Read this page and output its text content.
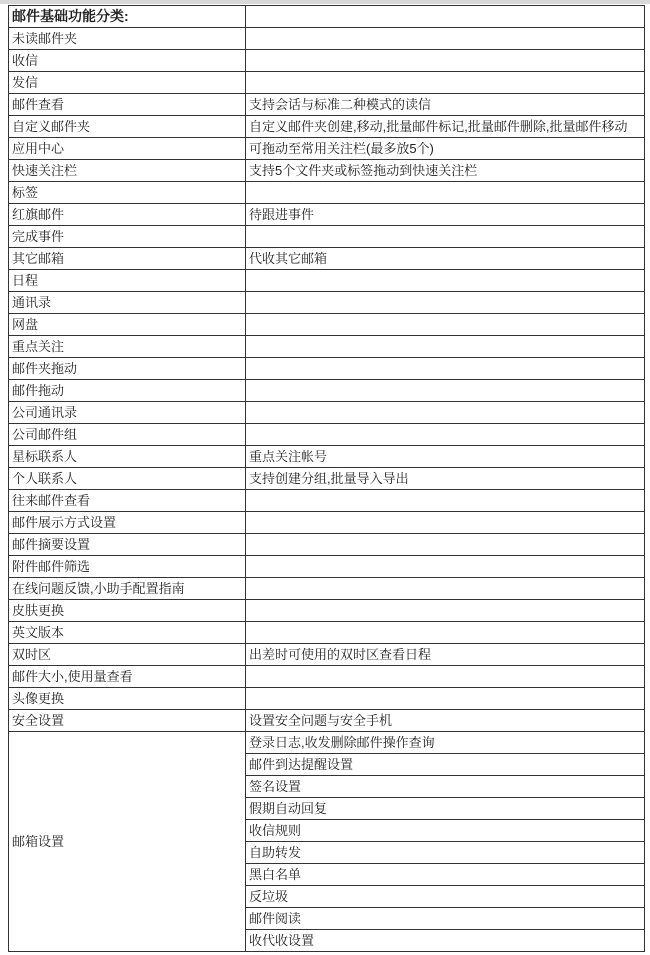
邮件基础功能分类:	
未读邮件夹	
收信	
发信	
邮件查看	支持会话与标准二种模式的读信
自定义邮件夹	自定义邮件夹创建,移动,批量邮件标记,批量邮件删除,批量邮件移动
应用中心	可拖动至常用关注栏(最多放5个)
快速关注栏	支持5个文件夹或标签拖动到快速关注栏
标签	
红旗邮件	待跟进事件
完成事件	
其它邮箱	代收其它邮箱
日程	
通讯录	
网盘	
重点关注	
邮件夹拖动	
邮件拖动	
公司通讯录	
公司邮件组	
星标联系人	重点关注帐号
个人联系人	支持创建分组,批量导入导出
往来邮件查看	
邮件展示方式设置	
邮件摘要设置	
附件邮件筛选	
在线问题反馈,小助手配置指南	
皮肤更换	
英文版本	
双时区	出差时可使用的双时区查看日程
邮件大小,使用量查看	
头像更换	
安全设置	设置安全问题与安全手机
邮箱设置	登录日志,收发删除邮件操作查询
	邮件到达提醒设置
	签名设置
	假期自动回复
	收信规则
	自助转发
	黑白名单
	反垃圾
	邮件阅读
	收代收设置
